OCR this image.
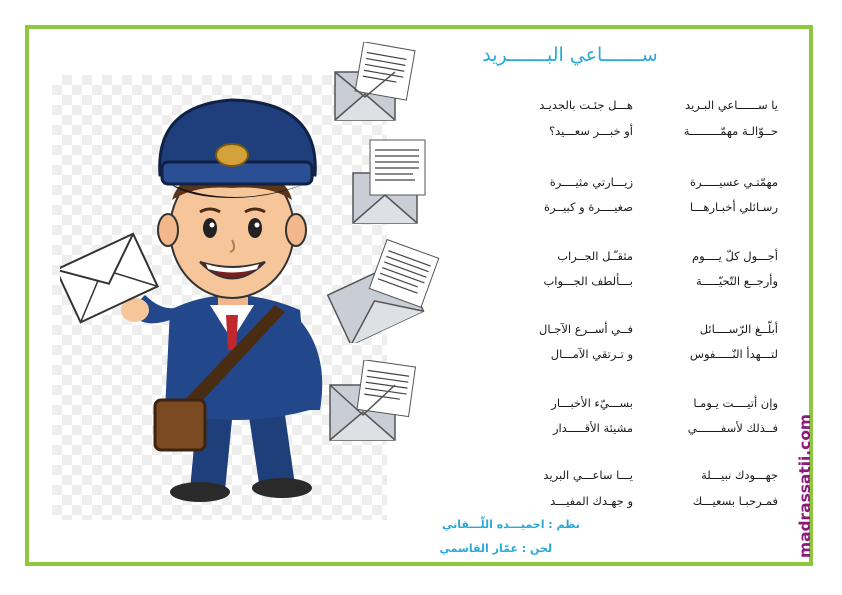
ســـــــاعي البـــــــريد
يا ســــــاعي البـريد
هـــل جئـت بالجديـد
حــوّالـة مهمّـــــــــة
أو خبـــر سعـــيد؟
مهمّتـي عسيـــــرة
زيـــارتي مثيــــرة
رسـائلي أخبـارهـــا
صغيــــرة و كبيــرة
أجـــول كلّ يــــوم
مثقـّـل الجــراب
وأرجــع التّحيّـــــة
بـــألطف الجـــواب
أبلّــغ الرّســــائل
فــي أســرع الآجـال
لتـــهدأ النّـــــفوس
و تـرتقي الآمـــال
وإن أتيــــت يـومـا
بســـيّء الأخبـــار
فــذلك لأسفـــــــي
مشيئة الأقـــــدار
جهـــودك نبيـــلة
يـــا ساعـــي البريد
فمـرحبـا بسعيـــك
و جهـدك المفيـــد
نظم : احميـــده اللّـــقاني
لحن : عمّار القاسمي	madrassatii.com
